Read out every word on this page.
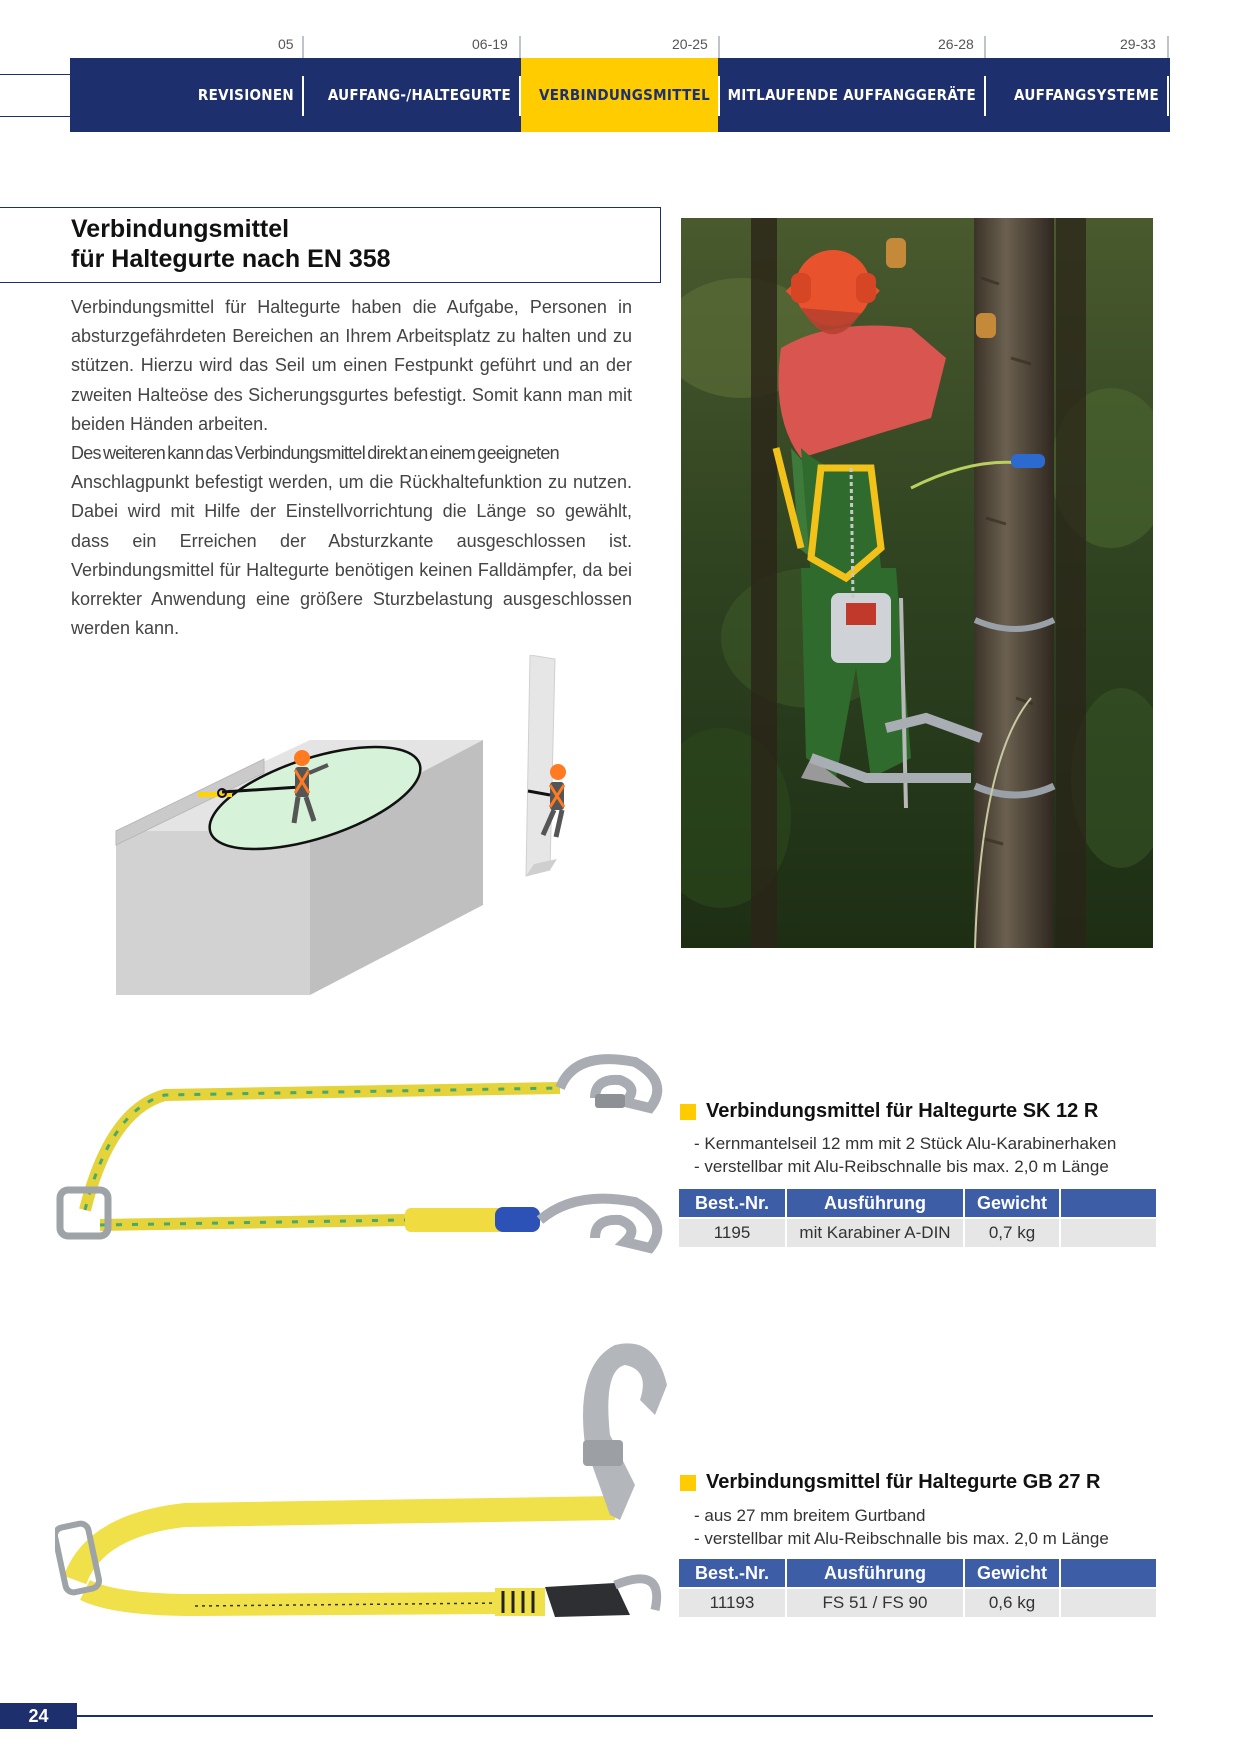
05	06-19	20-25	26-28	29-33
REVISIONEN	AUFFANG-/HALTEGURTE	VERBINDUNGSMITTEL	MITLAUFENDE AUFFANGGERÄTE	AUFFANGSYSTEME
Verbindungsmittel
für Haltegurte nach EN 358

Verbindungsmittel für Haltegurte haben die Aufgabe, Personen in absturzgefährdeten Bereichen an Ihrem Arbeitsplatz zu halten und zu stützen. Hierzu wird das Seil um einen Festpunkt geführt und an der zweiten Halteöse des Sicherungsgurtes befestigt. Somit kann man mit beiden Händen arbeiten.

Des weiteren kann das Verbindungsmittel direkt an einem geeigneten

Anschlagpunkt befestigt werden, um die Rückhaltefunktion zu nutzen. Dabei wird mit Hilfe der Einstellvorrichtung die Länge so gewählt, dass ein Erreichen der Absturzkante ausgeschlossen ist. Verbindungsmittel für Haltegurte benötigen keinen Falldämpfer, da bei korrekter Anwendung eine größere Sturzbelastung ausgeschlossen werden kann.

Verbindungsmittel für Haltegurte SK 12 R
- Kernmantelseil 12 mm mit 2 Stück Alu-Karabinerhaken
- verstellbar mit Alu-Reibschnalle bis max. 2,0 m Länge
Best.-Nr.	Ausführung	Gewicht	
1195	mit Karabiner A-DIN	0,7 kg	
Verbindungsmittel für Haltegurte GB 27 R
- aus 27 mm breitem Gurtband
- verstellbar mit Alu-Reibschnalle bis max. 2,0 m Länge
Best.-Nr.	Ausführung	Gewicht	
11193	FS 51 / FS 90	0,6 kg	
24
